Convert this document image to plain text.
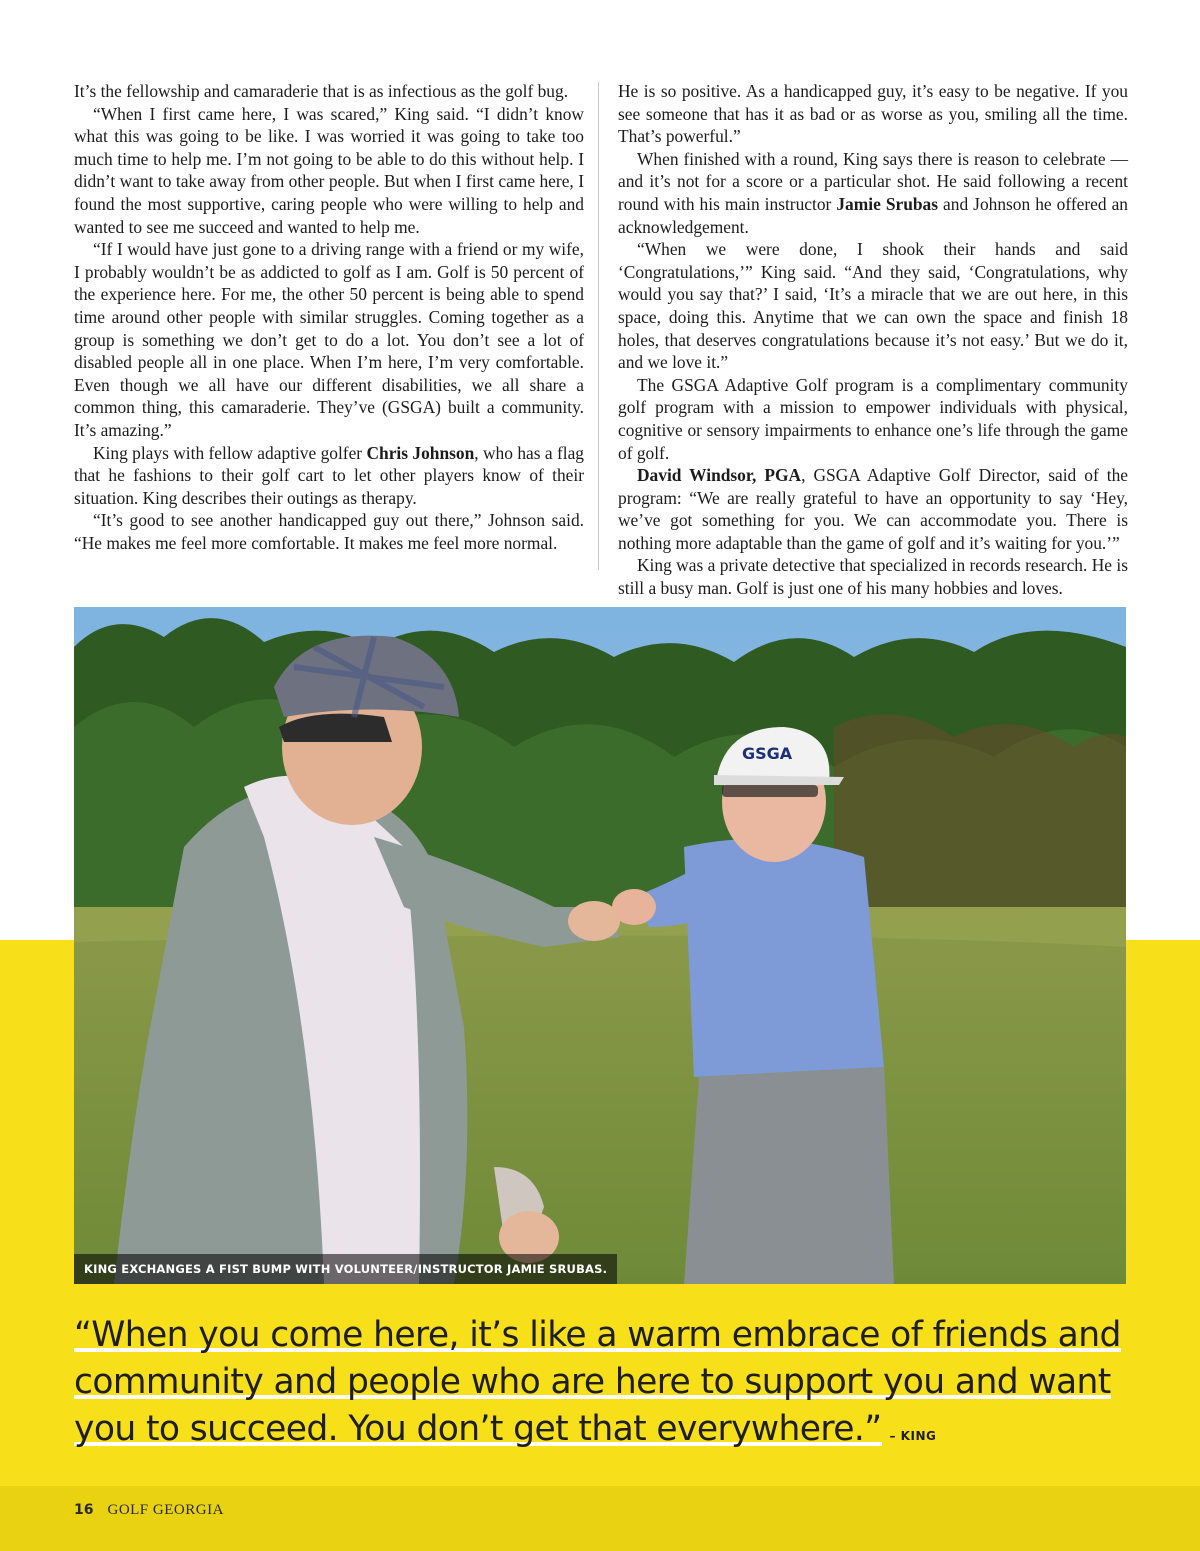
It’s the fellowship and camaraderie that is as infectious as the golf bug.

“When I first came here, I was scared,” King said. “I didn’t know what this was going to be like. I was worried it was going to take too much time to help me. I’m not going to be able to do this without help. I didn’t want to take away from other people. But when I first came here, I found the most supportive, caring people who were willing to help and wanted to see me succeed and wanted to help me.

“If I would have just gone to a driving range with a friend or my wife, I probably wouldn’t be as addicted to golf as I am. Golf is 50 percent of the experience here. For me, the other 50 percent is being able to spend time around other people with similar struggles. Coming together as a group is something we don’t get to do a lot. You don’t see a lot of disabled people all in one place. When I’m here, I’m very comfortable. Even though we all have our different disabilities, we all share a common thing, this camaraderie. They’ve (GSGA) built a community. It’s amazing.”

King plays with fellow adaptive golfer Chris Johnson, who has a flag that he fashions to their golf cart to let other players know of their situation. King describes their outings as therapy.

“It’s good to see another handicapped guy out there,” Johnson said. “He makes me feel more comfortable. It makes me feel more normal.

He is so positive. As a handicapped guy, it’s easy to be negative. If you see someone that has it as bad or as worse as you, smiling all the time. That’s powerful.”

When finished with a round, King says there is reason to celebrate — and it’s not for a score or a particular shot. He said following a recent round with his main instructor Jamie Srubas and Johnson he offered an acknowledgement.

“When we were done, I shook their hands and said ‘Congratulations,’” King said. “And they said, ‘Congratulations, why would you say that?’ I said, ‘It’s a miracle that we are out here, in this space, doing this. Anytime that we can own the space and finish 18 holes, that deserves congratulations because it’s not easy.’ But we do it, and we love it.”

The GSGA Adaptive Golf program is a complimentary community golf program with a mission to empower individuals with physical, cognitive or sensory impairments to enhance one’s life through the game of golf.

David Windsor, PGA, GSGA Adaptive Golf Director, said of the program: “We are really grateful to have an opportunity to say ‘Hey, we’ve got something for you. We can accommodate you. There is nothing more adaptable than the game of golf and it’s waiting for you.’”

King was a private detective that specialized in records research. He is still a busy man. Golf is just one of his many hobbies and loves.

GSGA
KING EXCHANGES A FIST BUMP WITH VOLUNTEER/INSTRUCTOR JAMIE SRUBAS.
“When you come here, it’s like a warm embrace of friends and community and people who are here to support you and want you to succeed. You don’t get that everywhere.” – KING
16 GOLF GEORGIA
